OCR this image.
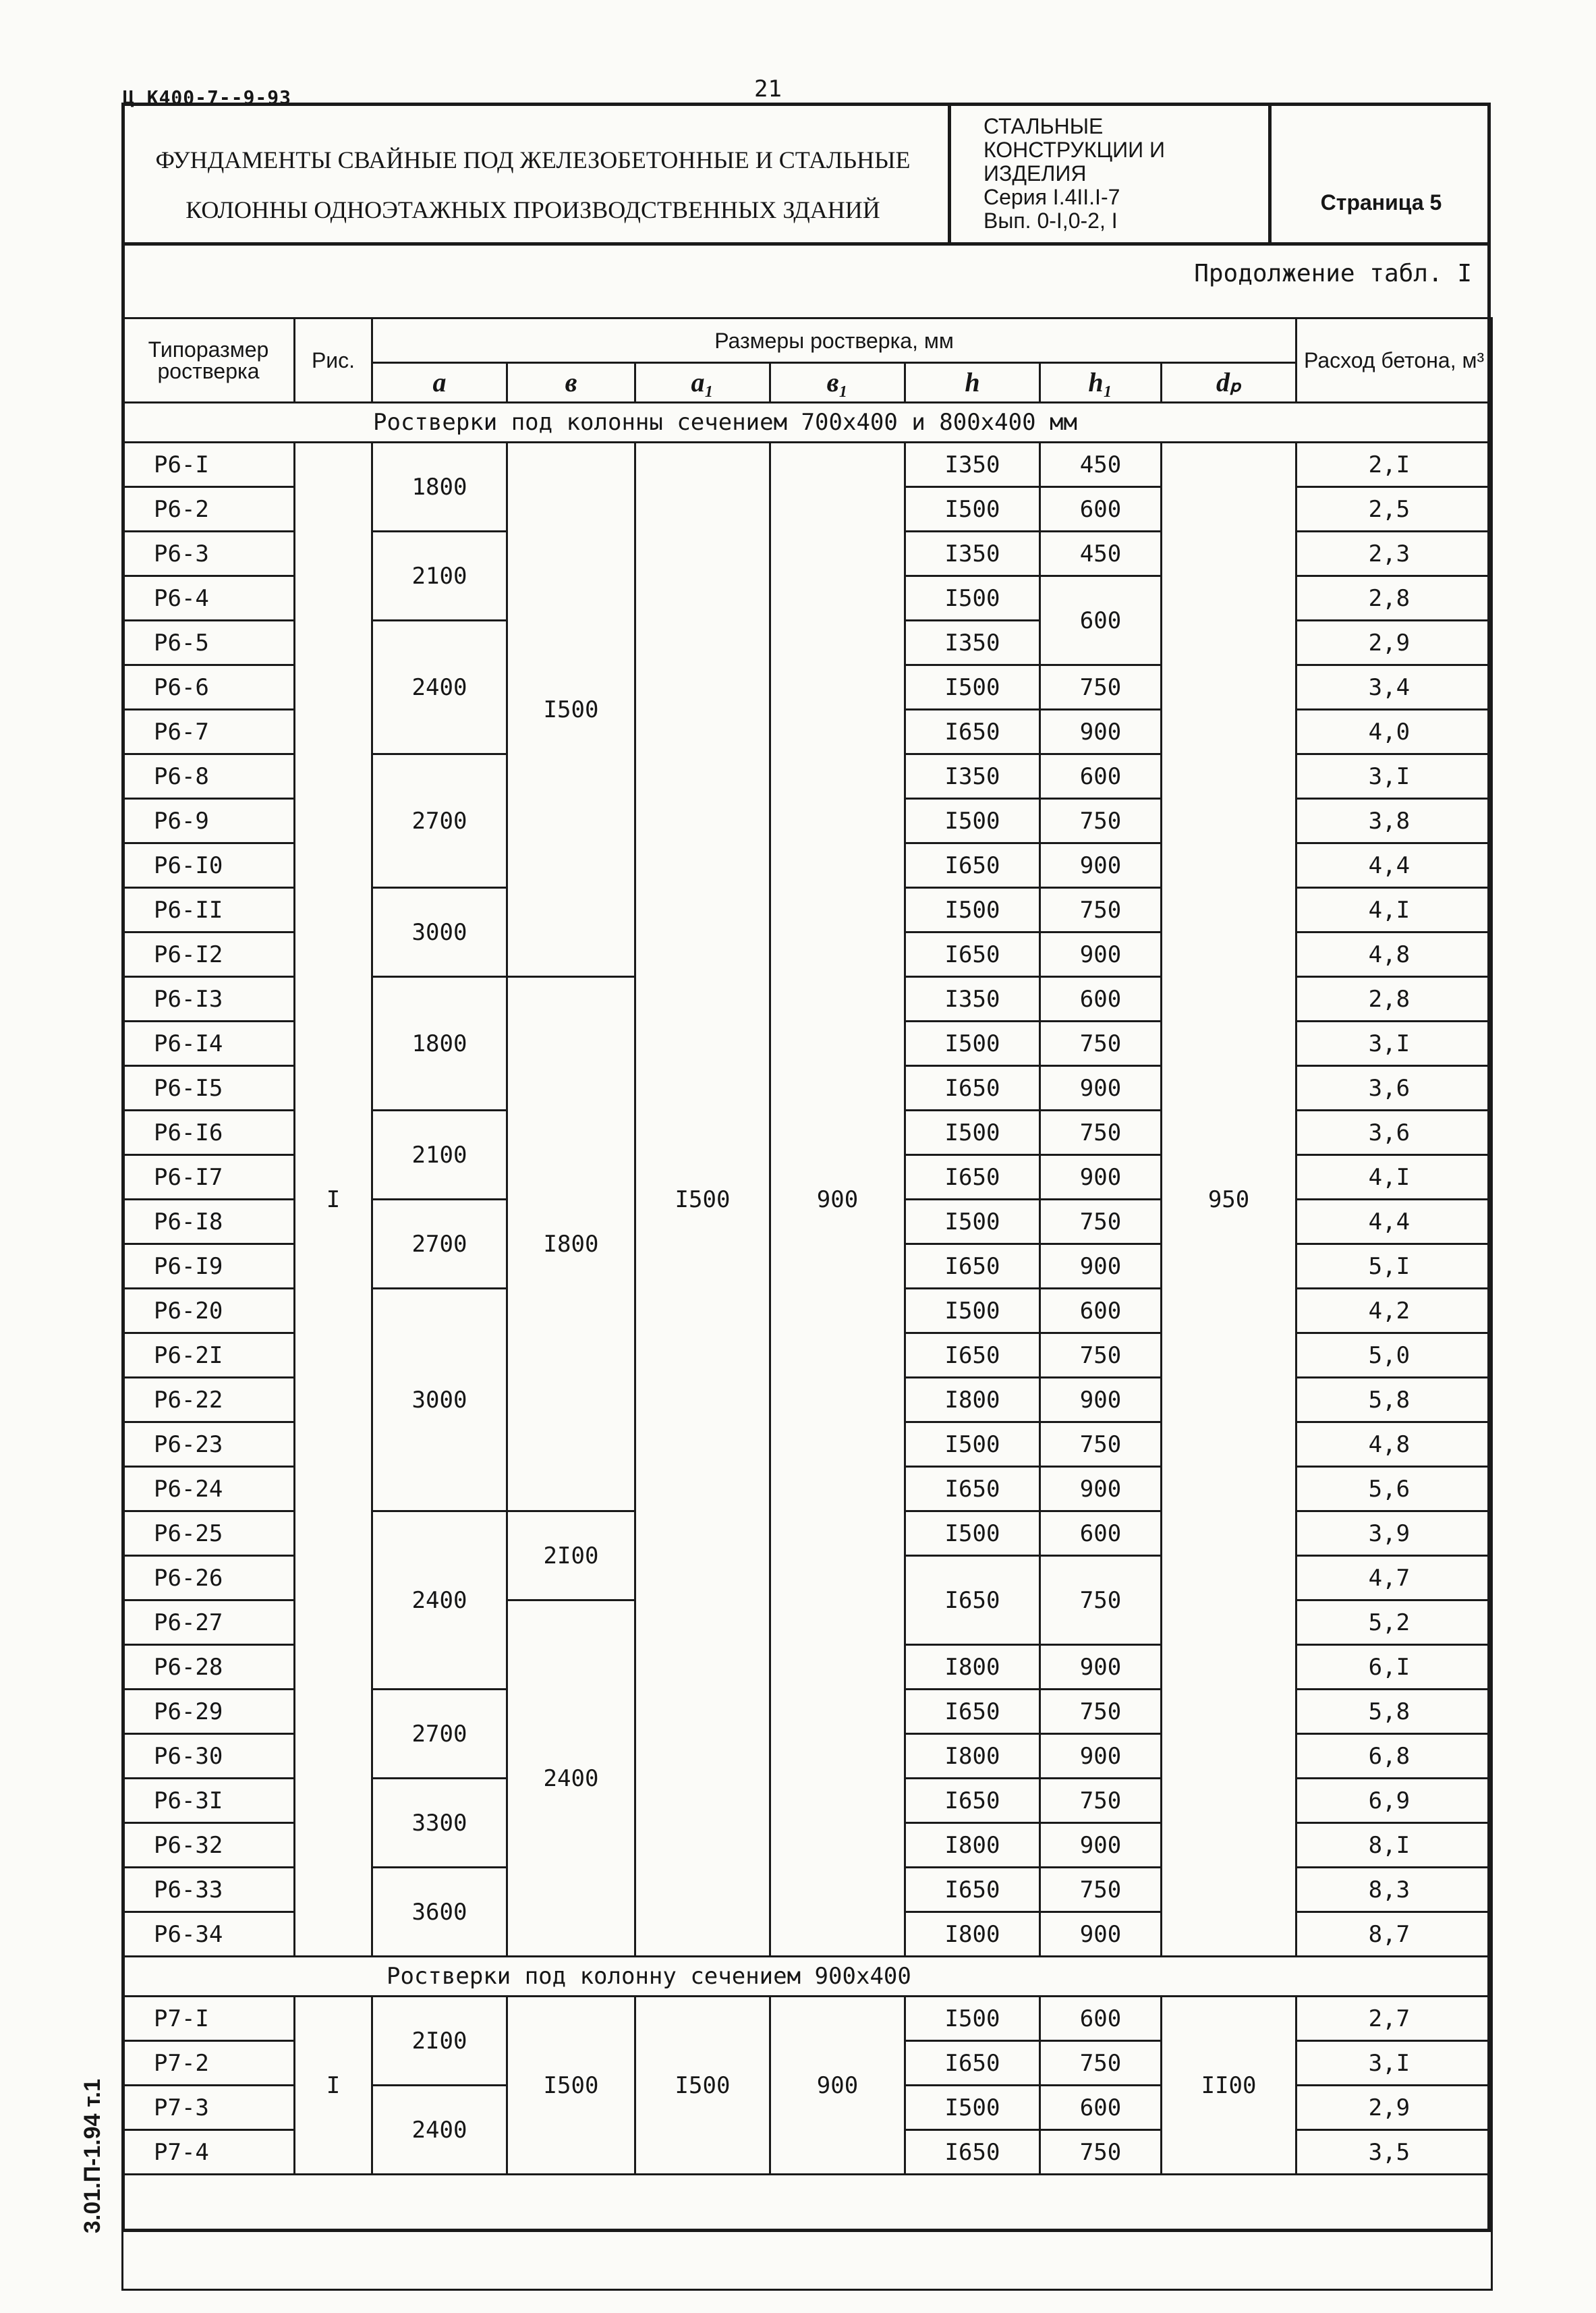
Ц К400-7--9-93	21
3.01.П-1.94 т.1
ФУНДАМЕНТЫ СВАЙНЫЕ ПОД ЖЕЛЕЗОБЕТОННЫЕ И СТАЛЬНЫЕ
КОЛОННЫ ОДНОЭТАЖНЫХ ПРОИЗВОДСТВЕННЫХ ЗДАНИЙ
СТАЛЬНЫЕ
КОНСТРУКЦИИ И
ИЗДЕЛИЯ
Серия I.4II.I-7
Вып. 0-I,0-2, I
Страница 5
Продолжение табл. I
Типоразмер ростверка	Рис.	Размеры ростверка, мм							Расход бетона, м³
		a	в	a₁	в₁	h	h₁	dₚ	
Ростверки под колонны сечением 700x400 и 800x400 мм									
Р6-I	I	1800	I500	I500	900	I350	450	950	2,I
Р6-2						I500	600		2,5
Р6-3		2100				I350	450		2,3
Р6-4						I500	600		2,8
Р6-5		2400				I350			2,9
Р6-6						I500	750		3,4
Р6-7						I650	900		4,0
Р6-8		2700				I350	600		3,I
Р6-9						I500	750		3,8
Р6-I0						I650	900		4,4
Р6-II		3000				I500	750		4,I
Р6-I2						I650	900		4,8
Р6-I3		1800	I800			I350	600		2,8
Р6-I4						I500	750		3,I
Р6-I5						I650	900		3,6
Р6-I6		2100				I500	750		3,6
Р6-I7						I650	900		4,I
Р6-I8		2700				I500	750		4,4
Р6-I9						I650	900		5,I
Р6-20		3000				I500	600		4,2
Р6-2I						I650	750		5,0
Р6-22						I800	900		5,8
Р6-23						I500	750		4,8
Р6-24						I650	900		5,6
Р6-25		2400	2I00			I500	600		3,9
Р6-26						I650	750		4,7
Р6-27			2400						5,2
Р6-28						I800	900		6,I
Р6-29		2700				I650	750		5,8
Р6-30						I800	900		6,8
Р6-3I		3300				I650	750		6,9
Р6-32						I800	900		8,I
Р6-33		3600				I650	750		8,3
Р6-34						I800	900		8,7
Ростверки под колонну сечением 900x400									
Р7-I	I	2I00	I500	I500	900	I500	600	II00	2,7
Р7-2						I650	750		3,I
Р7-3		2400				I500	600		2,9
Р7-4						I650	750		3,5
